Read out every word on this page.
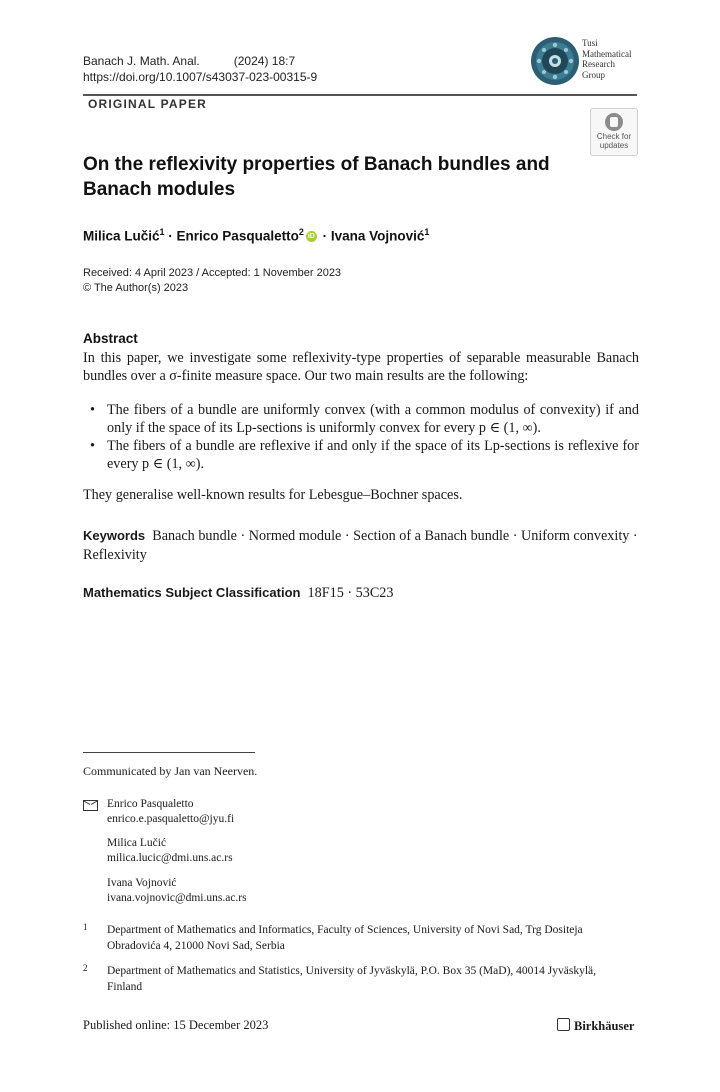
Banach J. Math. Anal.	(2024) 18:7
https://doi.org/10.1007/s43037-023-00315-9
Tusi
Mathematical
Research
Group
ORIGINAL PAPER
Check for
updates
On the reflexivity properties of Banach bundles and Banach modules
Milica Lučić$^1$ · Enrico Pasqualetto$^2$ iD · Ivana Vojnović$^1$
Received: 4 April 2023 / Accepted: 1 November 2023
© The Author(s) 2023
Abstract
In this paper, we investigate some reflexivity-type properties of separable measurable Banach bundles over a σ-finite measure space. Our two main results are the following:
• The fibers of a bundle are uniformly convex (with a common modulus of convexity) if and only if the space of its Lp-sections is uniformly convex for every p ∈ (1, ∞).
• The fibers of a bundle are reflexive if and only if the space of its Lp-sections is reflexive for every p ∈ (1, ∞).
They generalise well-known results for Lebesgue–Bochner spaces.
Keywords Banach bundle · Normed module · Section of a Banach bundle · Uniform convexity · Reflexivity
Mathematics Subject Classification 18F15 · 53C23
Communicated by Jan van Neerven.
Enrico Pasqualetto
enrico.e.pasqualetto@jyu.fi
Milica Lučić
milica.lucic@dmi.uns.ac.rs
Ivana Vojnović
ivana.vojnovic@dmi.uns.ac.rs
1 Department of Mathematics and Informatics, Faculty of Sciences, University of Novi Sad, Trg Dositeja Obradovića 4, 21000 Novi Sad, Serbia
2 Department of Mathematics and Statistics, University of Jyväskylä, P.O. Box 35 (MaD), 40014 Jyväskylä, Finland
Published online: 15 December 2023	Birkhäuser
